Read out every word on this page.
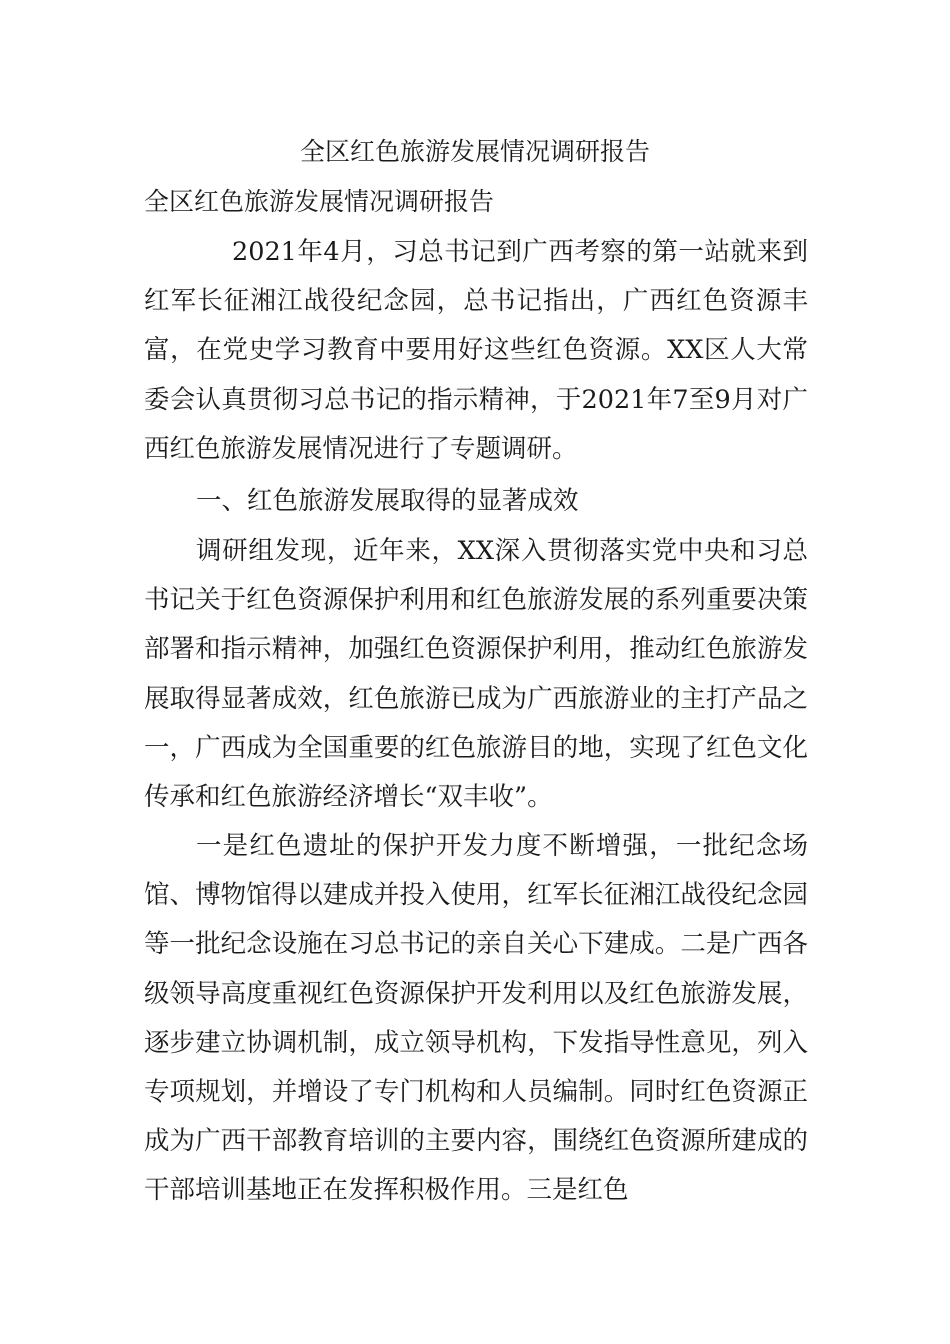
全区红色旅游发展情况调研报告
全区红色旅游发展情况调研报告

2021年4月，习总书记到广西考察的第一站就来到红军长征湘江战役纪念园，总书记指出，广西红色资源丰富，在党史学习教育中要用好这些红色资源。XX区人大常委会认真贯彻习总书记的指示精神，于2021年7至9月对广西红色旅游发展情况进行了专题调研。

一、红色旅游发展取得的显著成效

调研组发现，近年来，XX深入贯彻落实党中央和习总书记关于红色资源保护利用和红色旅游发展的系列重要决策部署和指示精神，加强红色资源保护利用，推动红色旅游发展取得显著成效，红色旅游已成为广西旅游业的主打产品之一，广西成为全国重要的红色旅游目的地，实现了红色文化传承和红色旅游经济增长“双丰收”。

一是红色遗址的保护开发力度不断增强，一批纪念场馆、博物馆得以建成并投入使用，红军长征湘江战役纪念园等一批纪念设施在习总书记的亲自关心下建成。二是广西各级领导高度重视红色资源保护开发利用以及红色旅游发展，逐步建立协调机制，成立领导机构，下发指导性意见，列入专项规划，并增设了专门机构和人员编制。同时红色资源正成为广西干部教育培训的主要内容，围绕红色资源所建成的干部培训基地正在发挥积极作用。三是红色
